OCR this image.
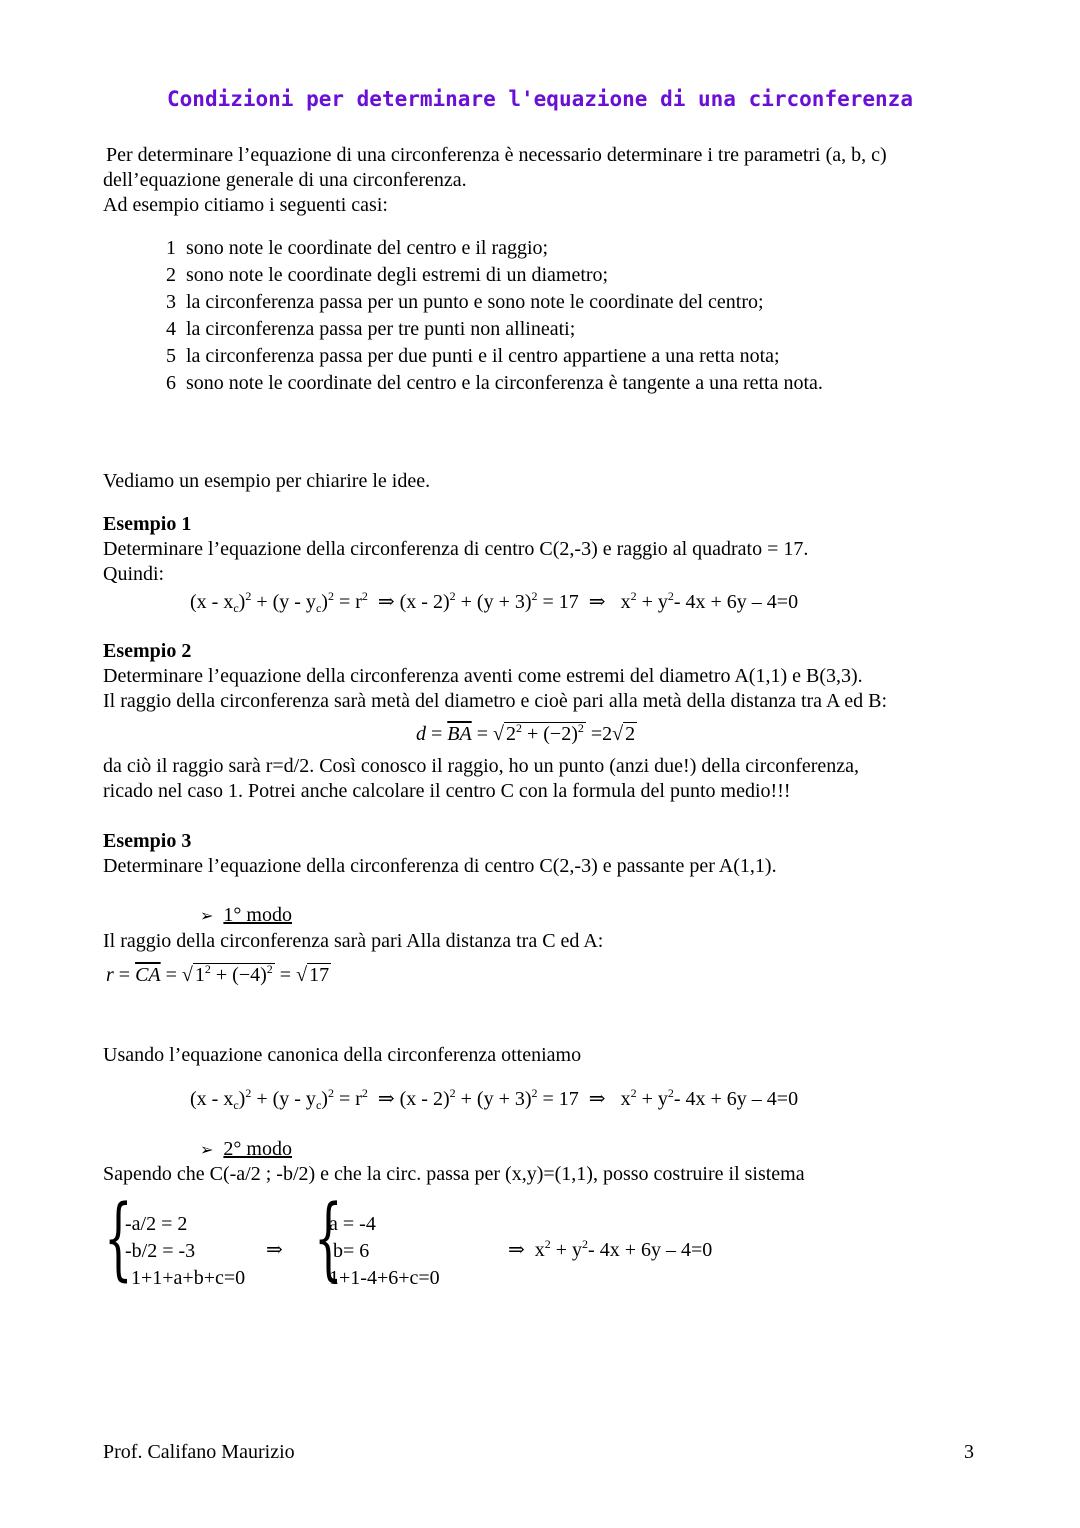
Condizioni per determinare l'equazione di una circonferenza
Per determinare l’equazione di una circonferenza è necessario determinare i tre parametri (a, b, c)
dell’equazione generale di una circonferenza.
Ad esempio citiamo i seguenti casi:
1 sono note le coordinate del centro e il raggio;
2 sono note le coordinate degli estremi di un diametro;
3 la circonferenza passa per un punto e sono note le coordinate del centro;
4 la circonferenza passa per tre punti non allineati;
5 la circonferenza passa per due punti e il centro appartiene a una retta nota;
6 sono note le coordinate del centro e la circonferenza è tangente a una retta nota.
Vediamo un esempio per chiarire le idee.
Esempio 1
Determinare l’equazione della circonferenza di centro C(2,-3) e raggio al quadrato = 17.
Quindi:
$(x - x_c)^2 + (y - y_c)^2 = r^2$  ⇒ $(x - 2)^2 + (y + 3)^2 = 17$  ⇒   $x^2 + y^2-$ 4x + 6y – 4=0
Esempio 2
Determinare l’equazione della circonferenza aventi come estremi del diametro A(1,1) e B(3,3).
Il raggio della circonferenza sarà metà del diametro e cioè pari alla metà della distanza tra A ed B:
$d = \overline{BA}$ = √ $2^2 + (-2)^2 =2√$ 2
da ciò il raggio sarà r=d/2. Così conosco il raggio, ho un punto (anzi due!) della circonferenza,
ricado nel caso 1. Potrei anche calcolare il centro C con la formula del punto medio!!!
Esempio 3
Determinare l’equazione della circonferenza di centro C(2,-3) e passante per A(1,1).
➢ 1° modo
Il raggio della circonferenza sarà pari Alla distanza tra C ed A:
$r = \overline{CA}$ = √ $1^2 + (-4)^2$ = √ 17
Usando l’equazione canonica della circonferenza otteniamo
$(x - x_c)^2 + (y - y_c)^2 = r^2$  ⇒ $(x - 2)^2 + (y + 3)^2 = 17$  ⇒   $x^2 + y^2-$ 4x + 6y – 4=0
➢ 2° modo
Sapendo che C(-a/2 ; -b/2) e che la circ. passa per (x,y)=(1,1), posso costruire il sistema
{
-a/2 = 2
-b/2 = -3
1+1+a+b+c=0
⇒ {
a = -4
b= 6
1+1-4+6+c=0
⇒  $x^2 + y^2-$ 4x + 6y – 4=0
Prof. Califano Maurizio	3
